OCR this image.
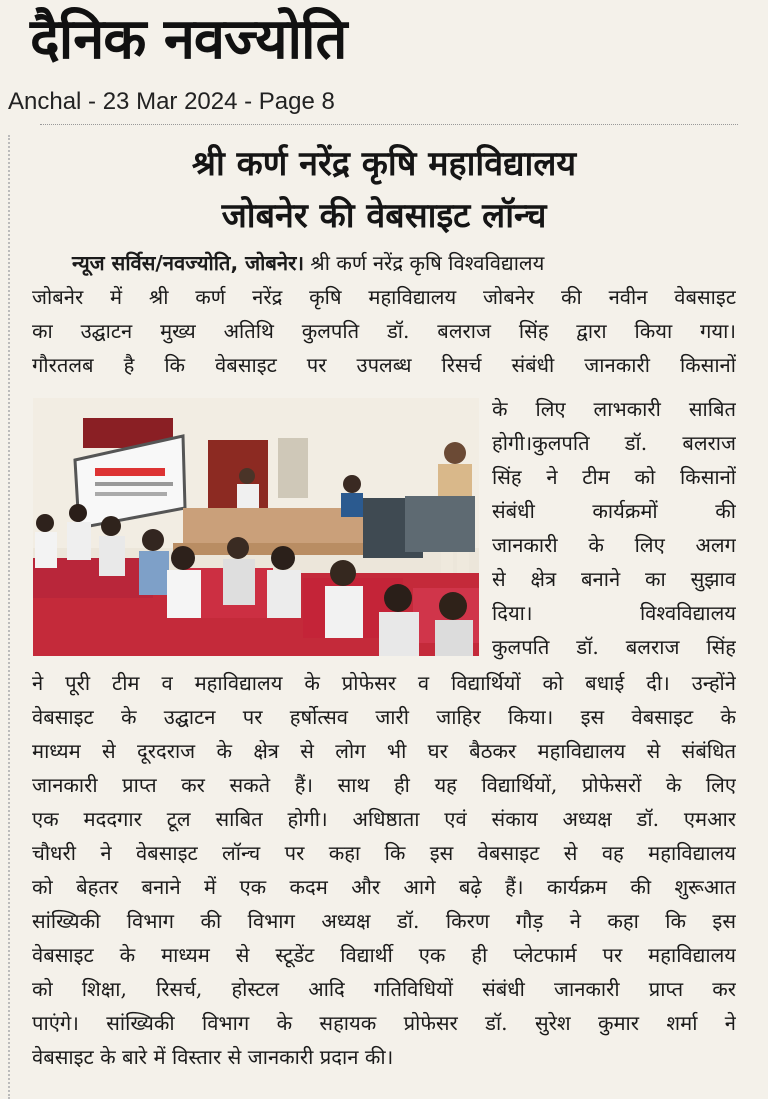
दैनिक नवज्योति
Anchal - 23 Mar 2024 - Page 8
श्री कर्ण नरेंद्र कृषि महाविद्यालय
जोबनेर की वेबसाइट लॉन्च
न्यूज सर्विस/नवज्योति, जोबनेर। श्री कर्ण नरेंद्र कृषि विश्वविद्यालय
जोबनेर में श्री कर्ण नरेंद्र कृषि महाविद्यालय जोबनेर की नवीन वेबसाइट
का उद्घाटन मुख्य अतिथि कुलपति डॉ. बलराज सिंह द्वारा किया गया।
गौरतलब है कि वेबसाइट पर उपलब्ध रिसर्च संबंधी जानकारी किसानों
के लिए लाभकारी साबित
होगी।कुलपति डॉ. बलराज
सिंह ने टीम को किसानों
संबंधी कार्यक्रमों की
जानकारी के लिए अलग
से क्षेत्र बनाने का सुझाव
दिया। विश्वविद्यालय
कुलपति डॉ. बलराज सिंह
ने पूरी टीम व महाविद्यालय के प्रोफेसर व विद्यार्थियों को बधाई दी। उन्होंने
वेबसाइट के उद्घाटन पर हर्षोत्सव जारी जाहिर किया। इस वेबसाइट के
माध्यम से दूरदराज के क्षेत्र से लोग भी घर बैठकर महाविद्यालय से संबंधित
जानकारी प्राप्त कर सकते हैं। साथ ही यह विद्यार्थियों, प्रोफेसरों के लिए
एक मददगार टूल साबित होगी। अधिष्ठाता एवं संकाय अध्यक्ष डॉ. एमआर
चौधरी ने वेबसाइट लॉन्च पर कहा कि इस वेबसाइट से वह महाविद्यालय
को बेहतर बनाने में एक कदम और आगे बढ़े हैं। कार्यक्रम की शुरूआत
सांख्यिकी विभाग की विभाग अध्यक्ष डॉ. किरण गौड़ ने कहा कि इस
वेबसाइट के माध्यम से स्टूडेंट विद्यार्थी एक ही प्लेटफार्म पर महाविद्यालय
को शिक्षा, रिसर्च, होस्टल आदि गतिविधियों संबंधी जानकारी प्राप्त कर
पाएंगे। सांख्यिकी विभाग के सहायक प्रोफेसर डॉ. सुरेश कुमार शर्मा ने
वेबसाइट के बारे में विस्तार से जानकारी प्रदान की।
